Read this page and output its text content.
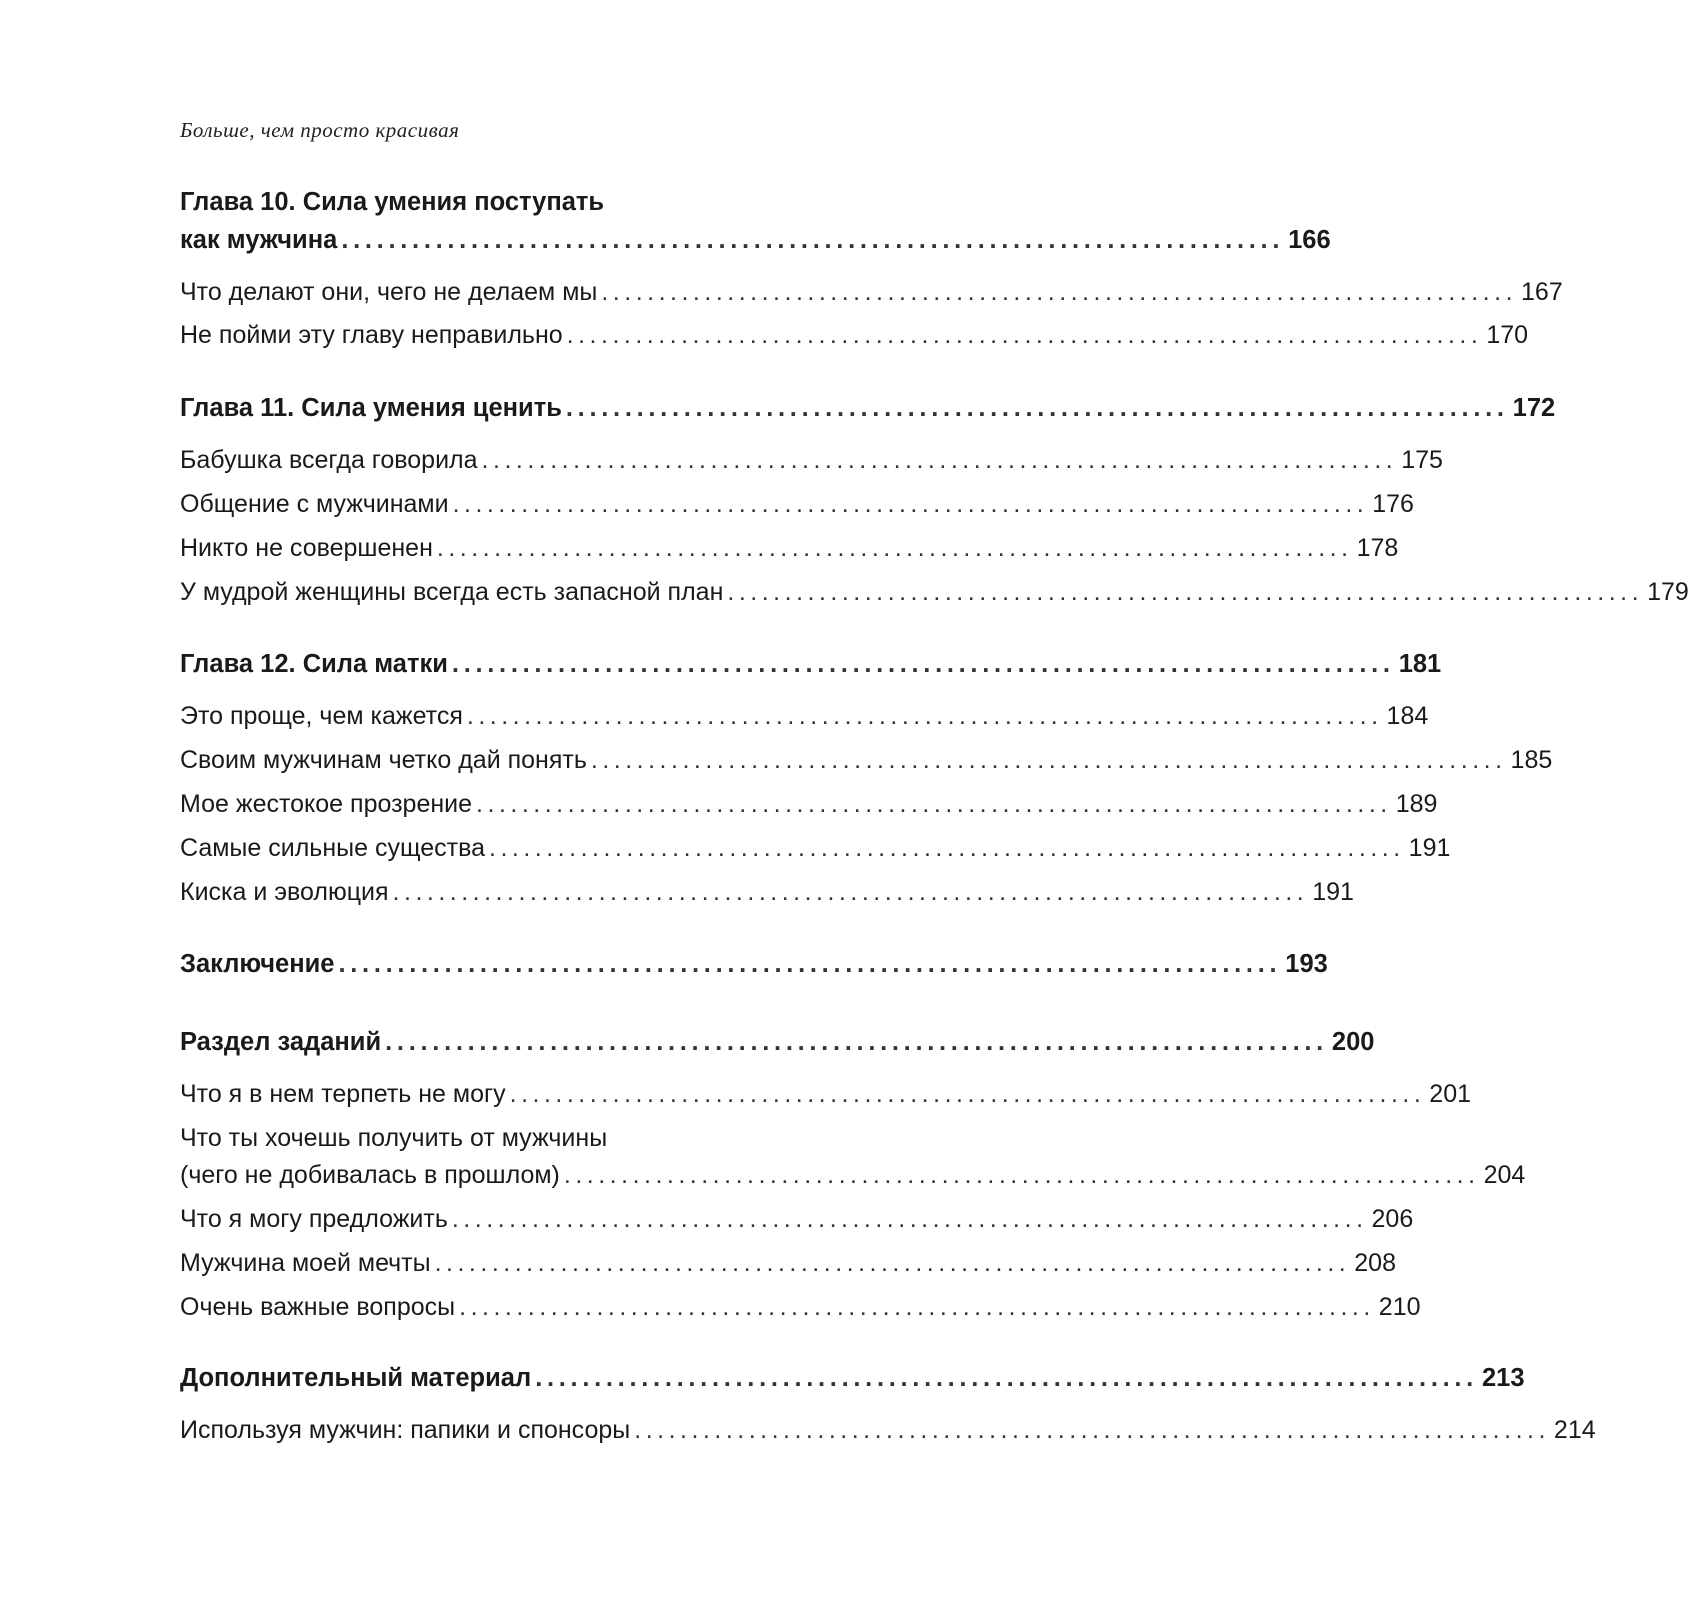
Больше, чем просто красивая
Глава 10. Сила умения поступать
как мужчина ................................................................................ 166
Что делают они, чего не делаем мы ................................................................................ 167
Не пойми эту главу неправильно ................................................................................ 170
Глава 11. Сила умения ценить ................................................................................ 172
Бабушка всегда говорила ................................................................................ 175
Общение с мужчинами ................................................................................ 176
Никто не совершенен ................................................................................ 178
У мудрой женщины всегда есть запасной план ................................................................................ 179
Глава 12. Сила матки ................................................................................ 181
Это проще, чем кажется ................................................................................ 184
Своим мужчинам четко дай понять ................................................................................ 185
Мое жестокое прозрение ................................................................................ 189
Самые сильные существа ................................................................................ 191
Киска и эволюция ................................................................................ 191
Заключение ................................................................................ 193
Раздел заданий ................................................................................ 200
Что я в нем терпеть не могу ................................................................................ 201
Что ты хочешь получить от мужчины
(чего не добивалась в прошлом) ................................................................................ 204
Что я могу предложить ................................................................................ 206
Мужчина моей мечты ................................................................................ 208
Очень важные вопросы ................................................................................ 210
Дополнительный материал ................................................................................ 213
Используя мужчин: папики и спонсоры ................................................................................ 214
